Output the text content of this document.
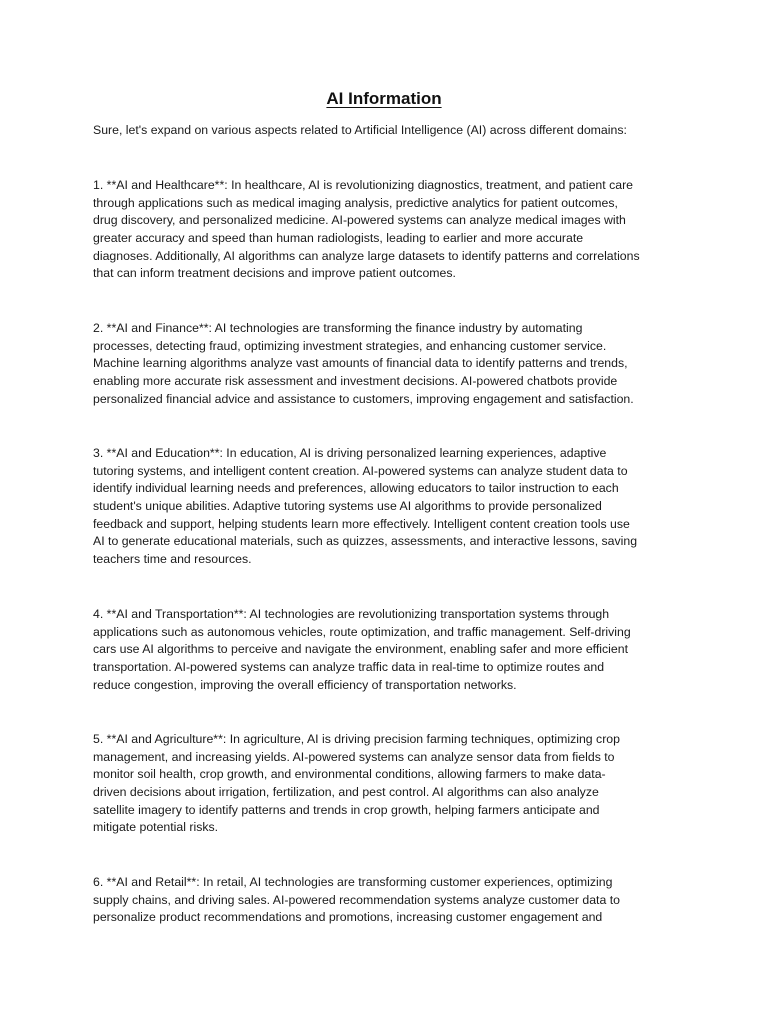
AI Information
Sure, let's expand on various aspects related to Artificial Intelligence (AI) across different domains:
1. **AI and Healthcare**: In healthcare, AI is revolutionizing diagnostics, treatment, and patient care
through applications such as medical imaging analysis, predictive analytics for patient outcomes,
drug discovery, and personalized medicine. AI-powered systems can analyze medical images with
greater accuracy and speed than human radiologists, leading to earlier and more accurate
diagnoses. Additionally, AI algorithms can analyze large datasets to identify patterns and correlations
that can inform treatment decisions and improve patient outcomes.
2. **AI and Finance**: AI technologies are transforming the finance industry by automating
processes, detecting fraud, optimizing investment strategies, and enhancing customer service.
Machine learning algorithms analyze vast amounts of financial data to identify patterns and trends,
enabling more accurate risk assessment and investment decisions. AI-powered chatbots provide
personalized financial advice and assistance to customers, improving engagement and satisfaction.
3. **AI and Education**: In education, AI is driving personalized learning experiences, adaptive
tutoring systems, and intelligent content creation. AI-powered systems can analyze student data to
identify individual learning needs and preferences, allowing educators to tailor instruction to each
student's unique abilities. Adaptive tutoring systems use AI algorithms to provide personalized
feedback and support, helping students learn more effectively. Intelligent content creation tools use
AI to generate educational materials, such as quizzes, assessments, and interactive lessons, saving
teachers time and resources.
4. **AI and Transportation**: AI technologies are revolutionizing transportation systems through
applications such as autonomous vehicles, route optimization, and traffic management. Self-driving
cars use AI algorithms to perceive and navigate the environment, enabling safer and more efficient
transportation. AI-powered systems can analyze traffic data in real-time to optimize routes and
reduce congestion, improving the overall efficiency of transportation networks.
5. **AI and Agriculture**: In agriculture, AI is driving precision farming techniques, optimizing crop
management, and increasing yields. AI-powered systems can analyze sensor data from fields to
monitor soil health, crop growth, and environmental conditions, allowing farmers to make data-
driven decisions about irrigation, fertilization, and pest control. AI algorithms can also analyze
satellite imagery to identify patterns and trends in crop growth, helping farmers anticipate and
mitigate potential risks.
6. **AI and Retail**: In retail, AI technologies are transforming customer experiences, optimizing
supply chains, and driving sales. AI-powered recommendation systems analyze customer data to
personalize product recommendations and promotions, increasing customer engagement and
